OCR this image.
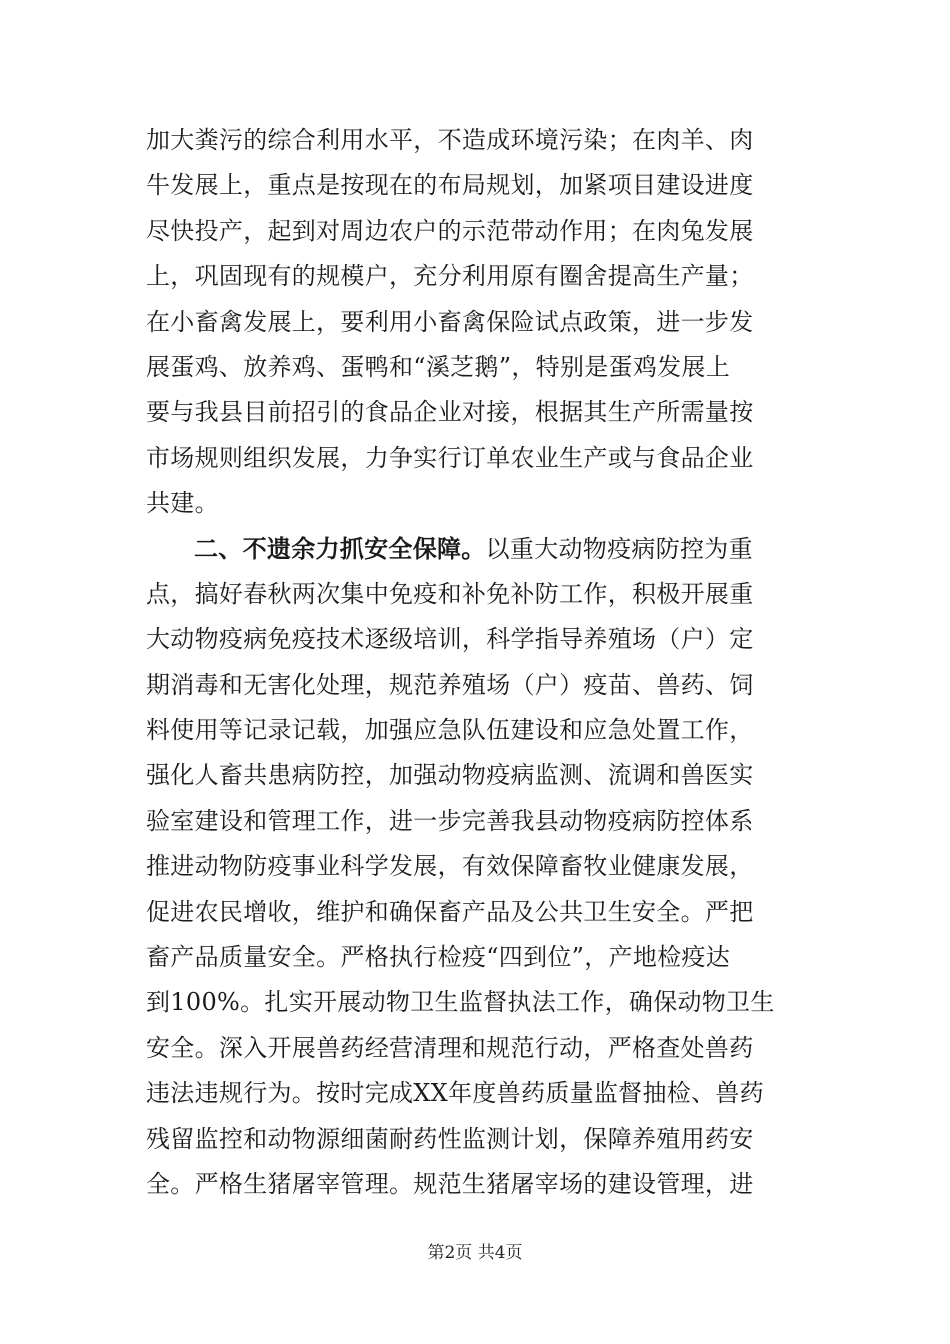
加大粪污的综合利用水平，不造成环境污染；在肉羊、肉
牛发展上，重点是按现在的布局规划，加紧项目建设进度
尽快投产，起到对周边农户的示范带动作用；在肉兔发展
上，巩固现有的规模户，充分利用原有圈舍提高生产量；
在小畜禽发展上，要利用小畜禽保险试点政策，进一步发
展蛋鸡、放养鸡、蛋鸭和“溪芝鹅”，特别是蛋鸡发展上
要与我县目前招引的食品企业对接，根据其生产所需量按
市场规则组织发展，力争实行订单农业生产或与食品企业
共建。
二、不遗余力抓安全保障。以重大动物疫病防控为重
点，搞好春秋两次集中免疫和补免补防工作，积极开展重
大动物疫病免疫技术逐级培训，科学指导养殖场（户）定
期消毒和无害化处理，规范养殖场（户）疫苗、兽药、饲
料使用等记录记载，加强应急队伍建设和应急处置工作，
强化人畜共患病防控，加强动物疫病监测、流调和兽医实
验室建设和管理工作，进一步完善我县动物疫病防控体系
推进动物防疫事业科学发展，有效保障畜牧业健康发展，
促进农民增收，维护和确保畜产品及公共卫生安全。严把
畜产品质量安全。严格执行检疫“四到位”，产地检疫达
到100%。扎实开展动物卫生监督执法工作，确保动物卫生
安全。深入开展兽药经营清理和规范行动，严格查处兽药
违法违规行为。按时完成XX年度兽药质量监督抽检、兽药
残留监控和动物源细菌耐药性监测计划，保障养殖用药安
全。严格生猪屠宰管理。规范生猪屠宰场的建设管理，进
第2页 共4页
